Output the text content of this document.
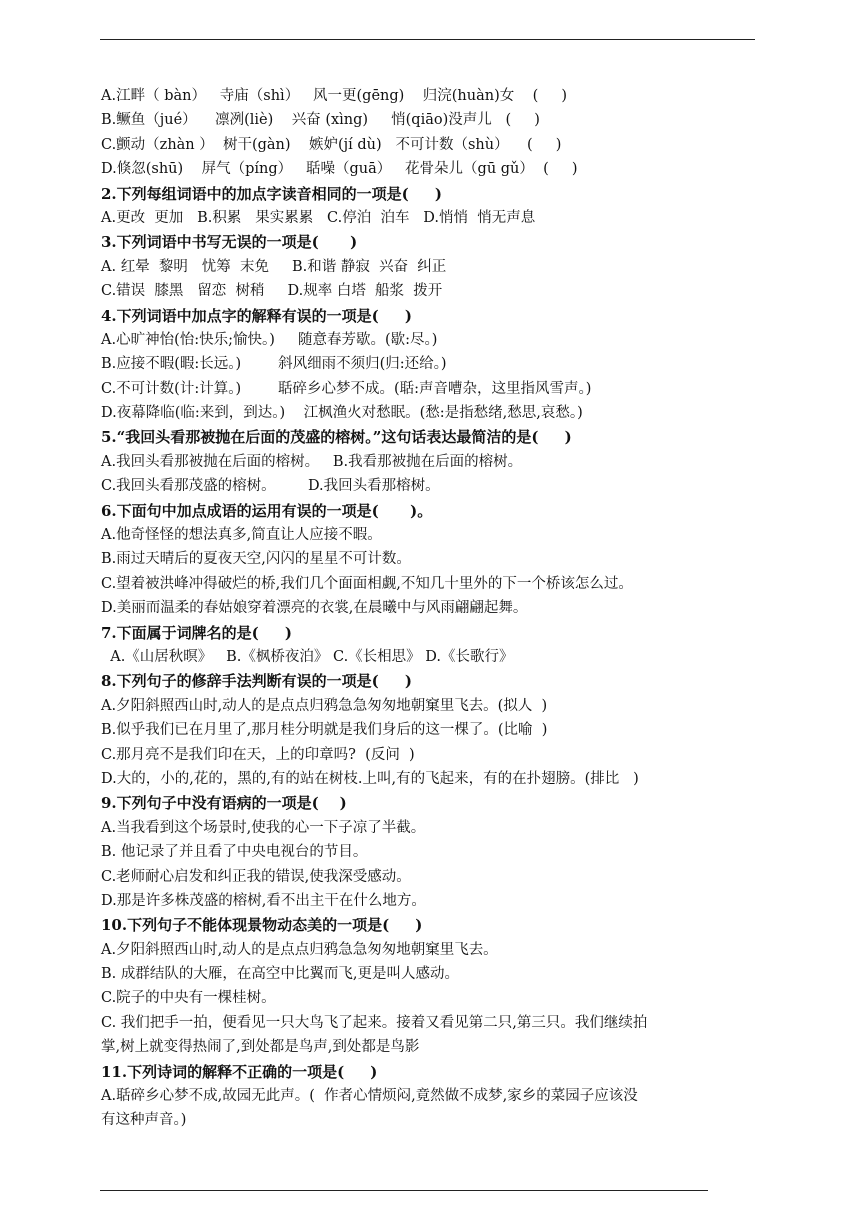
A.江畔（ bàn）   寺庙（shì）   风一更(gēng)    归浣(huàn)女    (     )
B.鳜鱼（jué）    凛冽(liè)    兴奋 (xìng)     悄(qiāo)没声儿   (     )
C.颤动（zhàn ）  树干(gàn)    嫉妒(jí dù)   不可计数（shù）    (     )
D.倏忽(shū)    屏气（píng）   聒噪（guā）   花骨朵儿（gū gǔ）  (     )
2.下列每组词语中的加点字读音相同的一项是(     )
A.更改  更加   B.积累   果实累累   C.停泊  泊车   D.悄悄  悄无声息
3.下列词语中书写无误的一项是(      )
A. 红晕  黎明   忧筹  末免     B.和谐 静寂  兴奋  纠正
C.错误  膝黑   留恋  树稍     D.规率 白塔  船浆  拨开
4.下列词语中加点字的解释有误的一项是(     )
A.心旷神怡(怡:快乐;愉快。)     随意春芳歇。(歇:尽。)
B.应接不暇(暇:长远。)        斜风细雨不须归(归:还给。)
C.不可计数(计:计算。)        聒碎乡心梦不成。(聒:声音嘈杂，这里指风雪声。)
D.夜幕降临(临:来到，到达。)    江枫渔火对愁眠。(愁:是指愁绪,愁思,哀愁。)
5.“我回头看那被抛在后面的茂盛的榕树。”这句话表达最简洁的是(     )
A.我回头看那被抛在后面的榕树。   B.我看那被抛在后面的榕树。
C.我回头看那茂盛的榕树。       D.我回头看那榕树。
6.下面句中加点成语的运用有误的一项是(      )。
A.他奇怪怪的想法真多,简直让人应接不暇。
B.雨过天晴后的夏夜天空,闪闪的星星不可计数。
C.望着被洪峰冲得破烂的桥,我们几个面面相觑,不知几十里外的下一个桥该怎么过。
D.美丽而温柔的春姑娘穿着漂亮的衣裳,在晨曦中与风雨翩翩起舞。
7.下面属于词牌名的是(     )
A.《山居秋暝》   B.《枫桥夜泊》 C.《长相思》 D.《长歌行》
8.下列句子的修辞手法判断有误的一项是(     )
A.夕阳斜照西山时,动人的是点点归鸦急急匆匆地朝窠里飞去。(拟人  )
B.似乎我们已在月里了,那月桂分明就是我们身后的这一棵了。(比喻  )
C.那月亮不是我们印在天，上的印章吗?  (反问  )
D.大的，小的,花的，黑的,有的站在树枝.上叫,有的飞起来，有的在扑翅膀。(排比   )
9.下列句子中没有语病的一项是(    )
A.当我看到这个场景时,使我的心一下子凉了半截。
B. 他记录了并且看了中央电视台的节目。
C.老师耐心启发和纠正我的错误,使我深受感动。
D.那是许多株茂盛的榕树,看不出主干在什么地方。
10.下列句子不能体现景物动态美的一项是(     )
A.夕阳斜照西山时,动人的是点点归鸦急急匆匆地朝窠里飞去。
B. 成群结队的大雁，在高空中比翼而飞,更是叫人感动。
C.院子的中央有一棵桂树。
C. 我们把手一拍，便看见一只大鸟飞了起来。接着又看见第二只,第三只。我们继续拍
掌,树上就变得热闹了,到处都是鸟声,到处都是鸟影
11.下列诗词的解释不正确的一项是(     )
A.聒碎乡心梦不成,故园无此声。(  作者心情烦闷,竟然做不成梦,家乡的菜园子应该没
有这种声音。)
